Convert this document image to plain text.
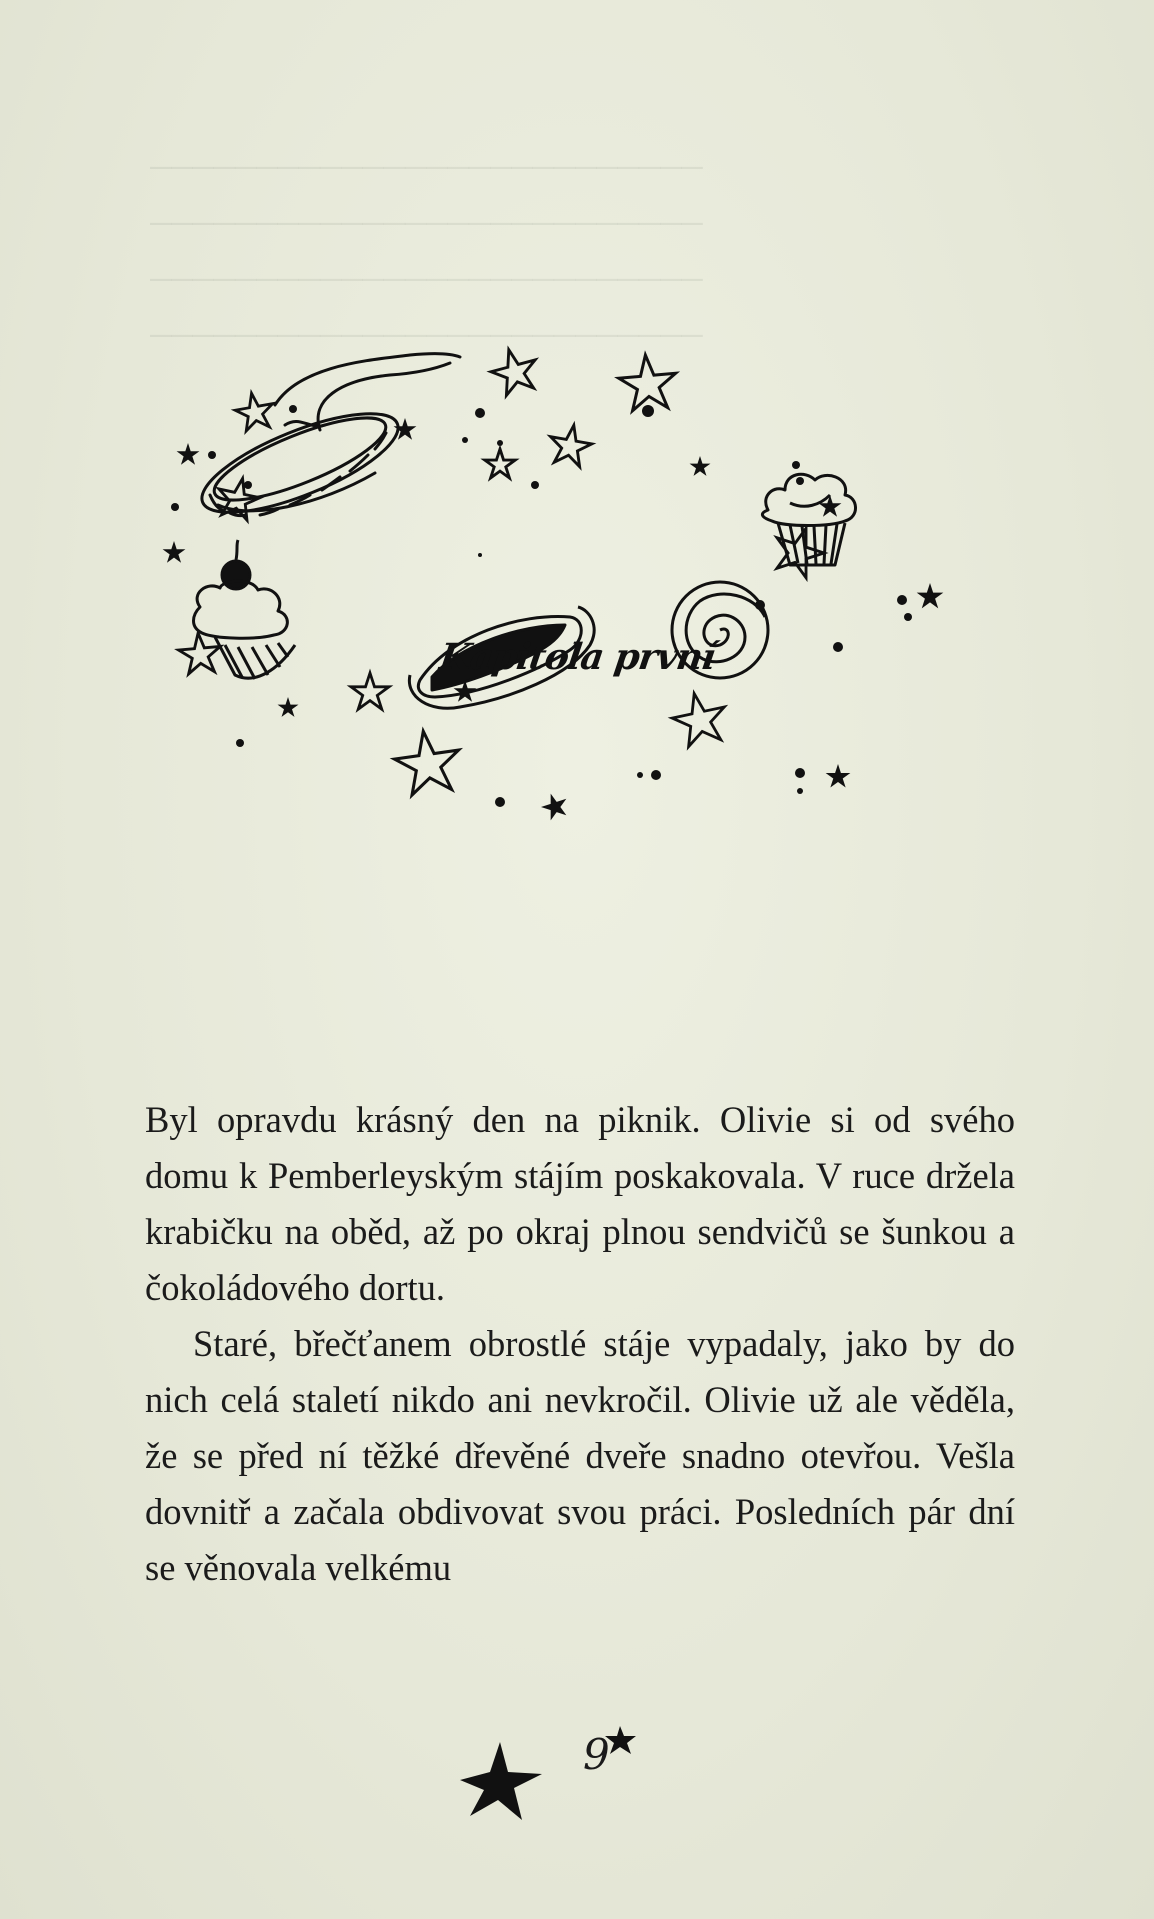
──────────────────────────
──────────────────────────
──────────────────────────
──────────────────────────
Kapitola první

Byl opravdu krásný den na piknik. Olivie si od svého domu k Pemberleyským stájím poskakovala. V ruce držela krabičku na oběd, až po okraj plnou sendvičů se šunkou a čokoládového dortu.

Staré, břečťanem obrostlé stáje vypadaly, jako by do nich celá staletí nikdo ani nevkročil. Olivie už ale věděla, že se před ní těžké dřevěné dveře snadno otevřou. Vešla dovnitř a začala obdivovat svou práci. Posledních pár dní se věnovala velkému

9
